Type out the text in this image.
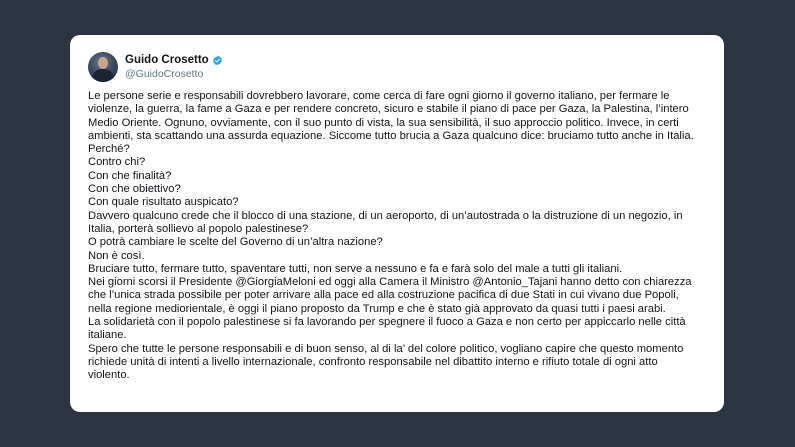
Guido Crosetto
@GuidoCrosetto
Le persone serie e responsabili dovrebbero lavorare, come cerca di fare ogni giorno il governo italiano, per fermare le
violenze, la guerra, la fame a Gaza e per rendere concreto, sicuro e stabile il piano di pace per Gaza, la Palestina, l’intero
Medio Oriente. Ognuno, ovviamente, con il suo punto di vista, la sua sensibilità, il suo approccio politico. Invece, in certi
ambienti, sta scattando una assurda equazione. Siccome tutto brucia a Gaza qualcuno dice: bruciamo tutto anche in Italia.
Perché?
Contro chi?
Con che finalità?
Con che obiettivo?
Con quale risultato auspicato?
Davvero qualcuno crede che il blocco di una stazione, di un aeroporto, di un’autostrada o la distruzione di un negozio, in
Italia, porterà sollievo al popolo palestinese?
O potrà cambiare le scelte del Governo di un’altra nazione?
Non è così.
Bruciare tutto, fermare tutto, spaventare tutti, non serve a nessuno e fa e farà solo del male a tutti gli italiani.
Nei giorni scorsi il Presidente @GiorgiaMeloni ed oggi alla Camera il Ministro @Antonio_Tajani hanno detto con chiarezza
che l’unica strada possibile per poter arrivare alla pace ed alla costruzione pacifica di due Stati in cui vivano due Popoli,
nella regione mediorientale, è oggi il piano proposto da Trump e che è stato già approvato da quasi tutti i paesi arabi.
La solidarietà con il popolo palestinese si fa lavorando per spegnere il fuoco a Gaza e non certo per appiccarlo nelle città
italiane.
Spero che tutte le persone responsabili e di buon senso, al di la’ del colore politico, vogliano capire che questo momento
richiede unità di intenti a livello internazionale, confronto responsabile nel dibattito interno e rifiuto totale di ogni atto
violento.
